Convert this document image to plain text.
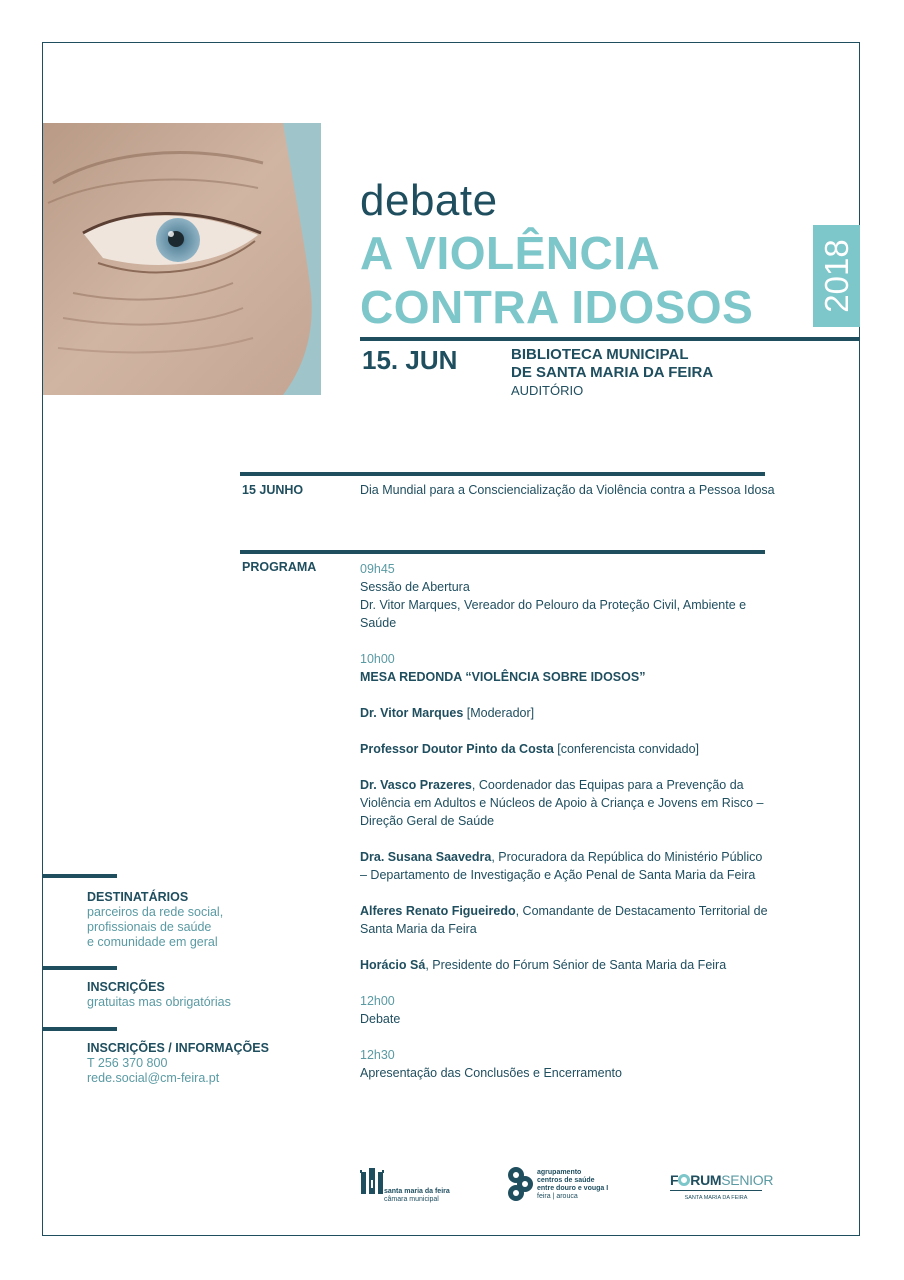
debate
A VIOLÊNCIA
CONTRA IDOSOS 2018
15. JUN	BIBLIOTECA MUNICIPAL
DE SANTA MARIA DA FEIRA
AUDITÓRIO
15 JUNHO	Dia Mundial para a Consciencialização da Violência contra a Pessoa Idosa
PROGRAMA	09h45
Sessão de Abertura
Dr. Vitor Marques, Vereador do Pelouro da Proteção Civil, Ambiente e Saúde
10h00
MESA REDONDA “VIOLÊNCIA SOBRE IDOSOS”
Dr. Vitor Marques [Moderador]
Professor Doutor Pinto da Costa [conferencista convidado]
Dr. Vasco Prazeres, Coordenador das Equipas para a Prevenção da Violência em Adultos e Núcleos de Apoio à Criança e Jovens em Risco – Direção Geral de Saúde
Dra. Susana Saavedra, Procuradora da República do Ministério Público – Departamento de Investigação e Ação Penal de Santa Maria da Feira
Alferes Renato Figueiredo, Comandante de Destacamento Territorial de Santa Maria da Feira
Horácio Sá, Presidente do Fórum Sénior de Santa Maria da Feira
12h00
Debate
12h30
Apresentação das Conclusões e Encerramento
DESTINATÁRIOS
parceiros da rede social,
profissionais de saúde
e comunidade em geral
INSCRIÇÕES
gratuitas mas obrigatórias
INSCRIÇÕES / INFORMAÇÕES
T 256 370 800
rede.social@cm-feira.pt
santa maria da feira
câmara municipal
agrupamento
centros de saúde
entre douro e vouga I
feira | arouca
F RUMSENIOR
SANTA MARIA DA FEIRA
